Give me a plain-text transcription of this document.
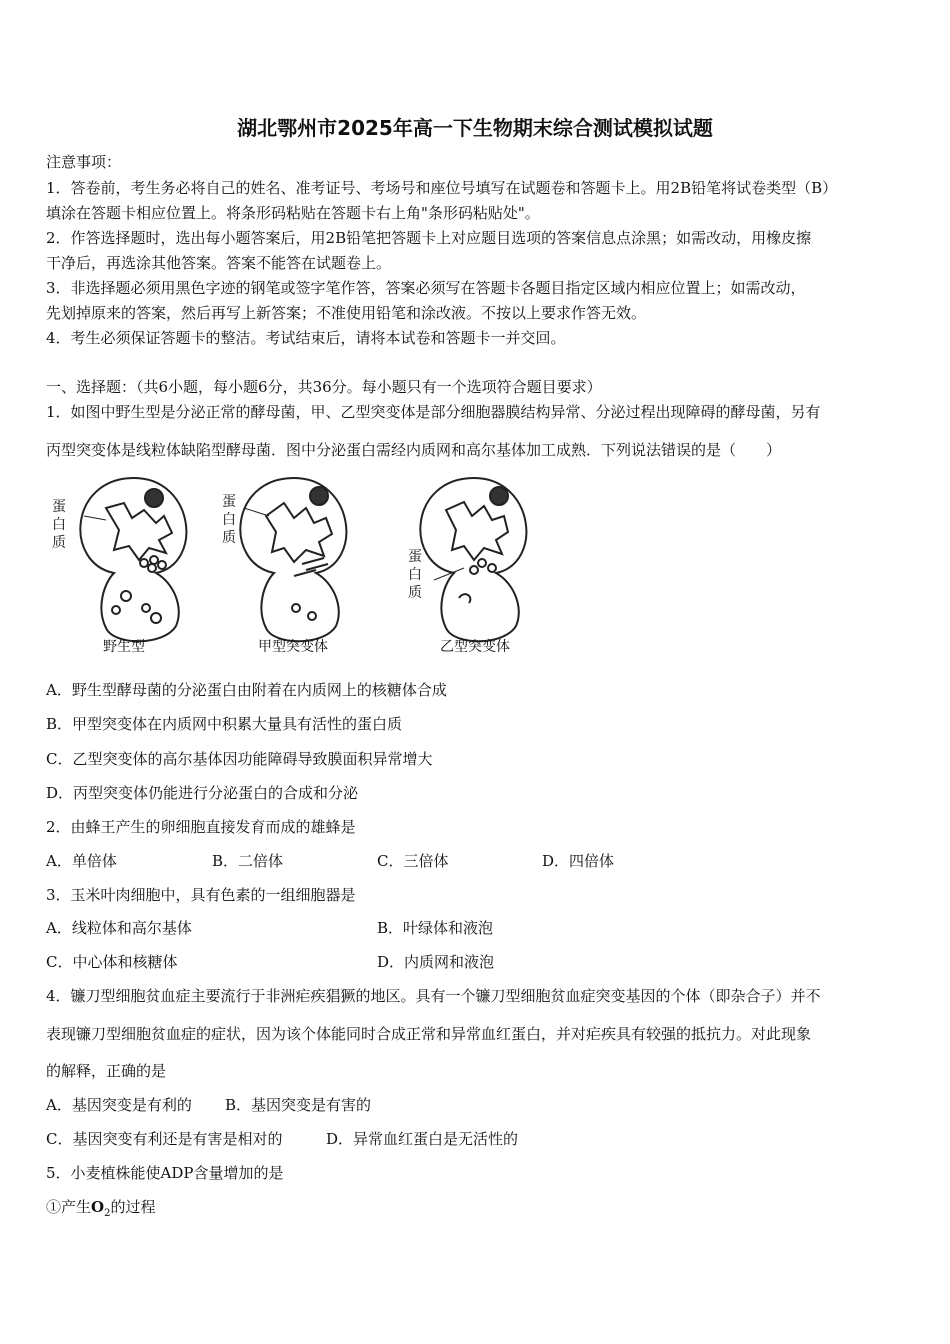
湖北鄂州市2025年高一下生物期末综合测试模拟试题
注意事项：
1．答卷前，考生务必将自己的姓名、准考证号、考场号和座位号填写在试题卷和答题卡上。用2B铅笔将试卷类型（B）
填涂在答题卡相应位置上。将条形码粘贴在答题卡右上角"条形码粘贴处"。
2．作答选择题时，选出每小题答案后，用2B铅笔把答题卡上对应题目选项的答案信息点涂黑；如需改动，用橡皮擦
干净后，再选涂其他答案。答案不能答在试题卷上。
3．非选择题必须用黑色字迹的钢笔或签字笔作答，答案必须写在答题卡各题目指定区域内相应位置上；如需改动，
先划掉原来的答案，然后再写上新答案；不准使用铅笔和涂改液。不按以上要求作答无效。
4．考生必须保证答题卡的整洁。考试结束后，请将本试卷和答题卡一并交回。
一、选择题：（共6小题，每小题6分，共36分。每小题只有一个选项符合题目要求）
1．如图中野生型是分泌正常的酵母菌，甲、乙型突变体是部分细胞器膜结构异常、分泌过程出现障碍的酵母菌，另有
丙型突变体是线粒体缺陷型酵母菌．图中分泌蛋白需经内质网和高尔基体加工成熟．下列说法错误的是（　　）
蛋
白
质
蛋
白
质
蛋
白
质
野生型	甲型突变体	乙型突变体
A．野生型酵母菌的分泌蛋白由附着在内质网上的核糖体合成
B．甲型突变体在内质网中积累大量具有活性的蛋白质
C．乙型突变体的高尔基体因功能障碍导致膜面积异常增大
D．丙型突变体仍能进行分泌蛋白的合成和分泌
2．由蜂王产生的卵细胞直接发育而成的雄蜂是
A．单倍体	B．二倍体	C．三倍体	D．四倍体
3．玉米叶肉细胞中，具有色素的一组细胞器是
A．线粒体和高尔基体	B．叶绿体和液泡
C．中心体和核糖体	D．内质网和液泡
4．镰刀型细胞贫血症主要流行于非洲疟疾猖獗的地区。具有一个镰刀型细胞贫血症突变基因的个体（即杂合子）并不
表现镰刀型细胞贫血症的症状，因为该个体能同时合成正常和异常血红蛋白，并对疟疾具有较强的抵抗力。对此现象
的解释，正确的是
A．基因突变是有利的 B．基因突变是有害的
C．基因突变有利还是有害是相对的	D．异常血红蛋白是无活性的
5．小麦植株能使ADP含量增加的是
①产生$O_2$的过程
